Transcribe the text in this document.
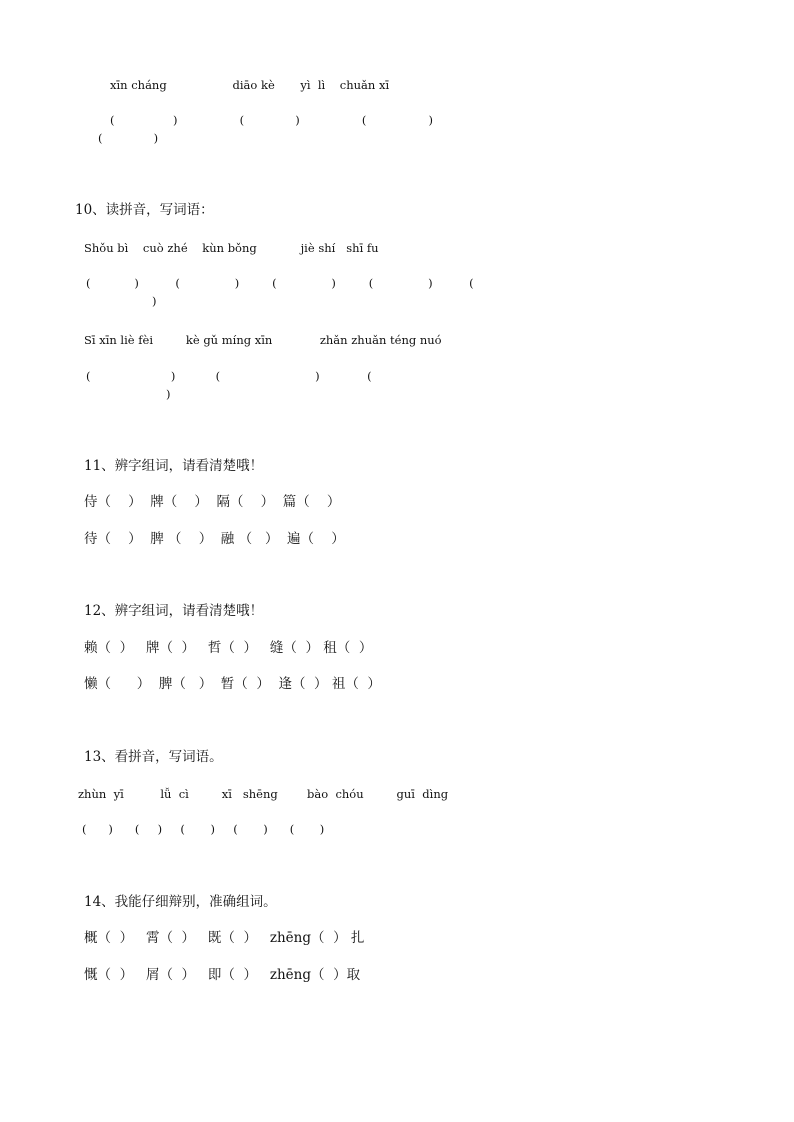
xīn cháng                  diāo kè       yì  lì    chuǎn xī
(                )                 (              )                 (                 )
(              )
10、读拼音，写词语：
Shǒu bì    cuò zhé    kùn bǒng            jiè shí   shī fu
(            )          (               )         (               )         (               )          (
)
Sī xīn liè fèi         kè gǔ míng xīn             zhǎn zhuǎn téng nuó
(                      )           (                          )             (
)
11、辨字组词，请看清楚哦！
侍（    ）  牌（    ）  隔（    ）  篇（    ）
待（    ）  脾 （    ）  融 （   ）  遍（    ）
12、辨字组词，请看清楚哦！
赖（  ）   牌（  ）   哲（  ）   缝（  ） 租（  ）
懒（      ）  脾（   ）  暂（  ）  逢（  ） 祖（  ）
13、看拼音，写词语。
zhùn  yī          lǚ  cì         xī   shēng        bào  chóu         guī  dìng
(      )      (     )     (       )     (       )      (       )
14、我能仔细辩别，准确组词。
概（  ）   霄（  ）   既（  ）   zhēng（  ） 扎
慨（  ）   屑（  ）   即（  ）   zhēng（  ）取
